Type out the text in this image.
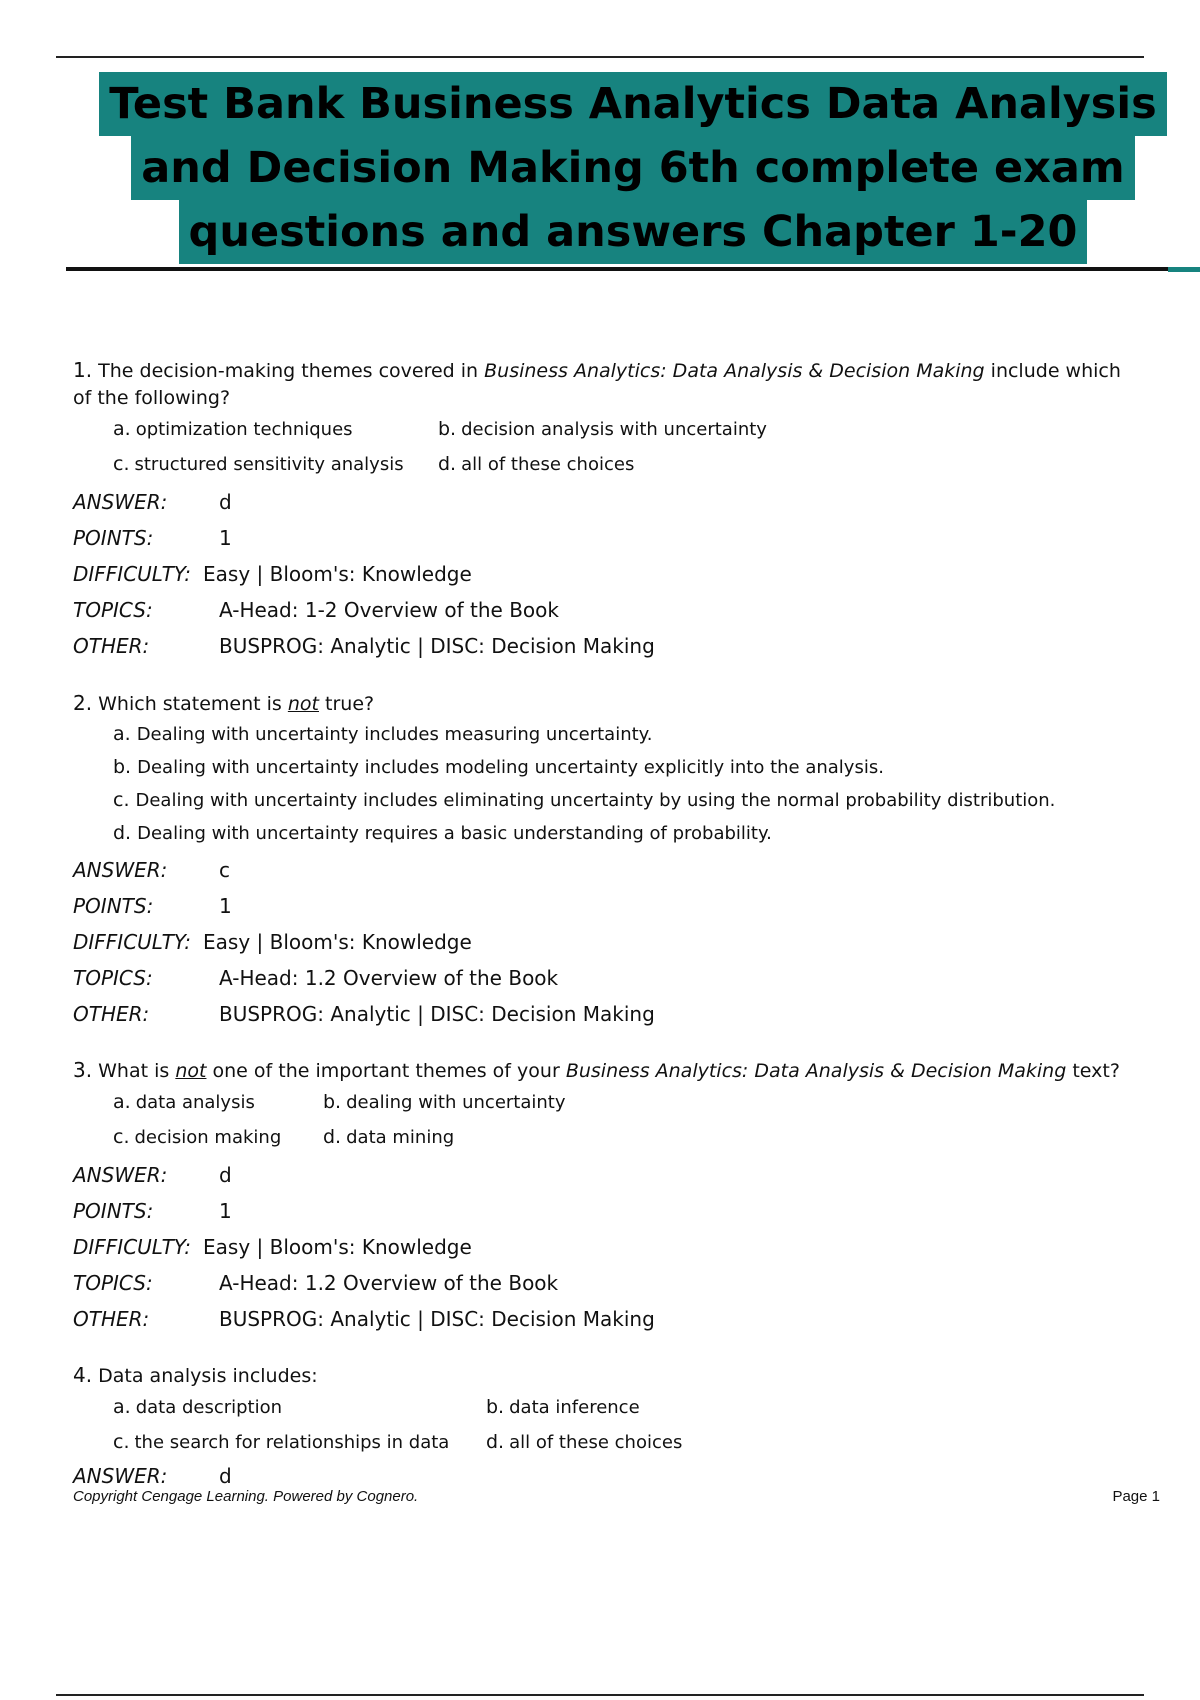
Test Bank Business Analytics Data Analysis
and Decision Making 6th complete exam
questions and answers Chapter 1-20
1. The decision-making themes covered in Business Analytics: Data Analysis & Decision Making include which of the following?
a. optimization techniques	b. decision analysis with uncertainty
c. structured sensitivity analysis d. all of these choices
ANSWER:	d
POINTS:	1
DIFFICULTY: Easy | Bloom's: Knowledge
TOPICS:	A-Head: 1-2 Overview of the Book
OTHER:	BUSPROG: Analytic | DISC: Decision Making
2. Which statement is not true?
a. Dealing with uncertainty includes measuring uncertainty.
b. Dealing with uncertainty includes modeling uncertainty explicitly into the analysis.
c. Dealing with uncertainty includes eliminating uncertainty by using the normal probability distribution.
d. Dealing with uncertainty requires a basic understanding of probability.
ANSWER:	c
POINTS:	1
DIFFICULTY: Easy | Bloom's: Knowledge
TOPICS:	A-Head: 1.2 Overview of the Book
OTHER:	BUSPROG: Analytic | DISC: Decision Making
3. What is not one of the important themes of your Business Analytics: Data Analysis & Decision Making text?
a. data analysis	b. dealing with uncertainty
c. decision making d. data mining
ANSWER:	d
POINTS:	1
DIFFICULTY: Easy | Bloom's: Knowledge
TOPICS:	A-Head: 1.2 Overview of the Book
OTHER:	BUSPROG: Analytic | DISC: Decision Making
4. Data analysis includes:
a. data description	b. data inference
c. the search for relationships in data d. all of these choices
ANSWER:	d
Copyright Cengage Learning. Powered by Cognero.	Page 1
